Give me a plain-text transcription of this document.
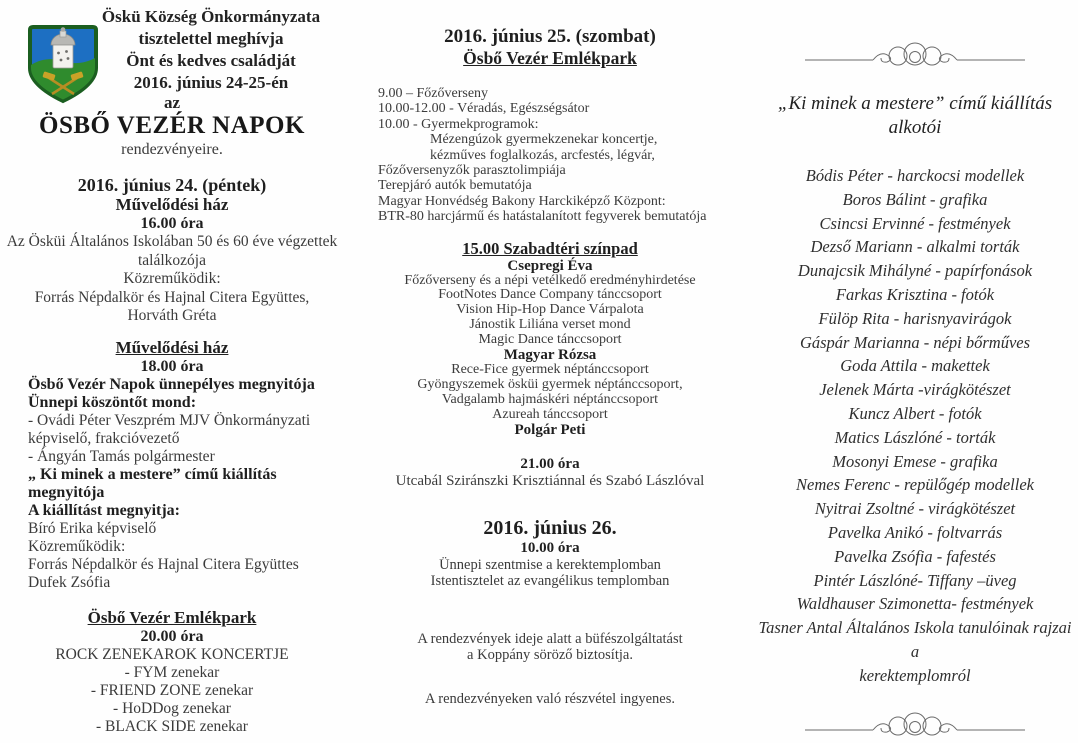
Öskü Község Önkormányzata
tisztelettel meghívja
Önt és kedves családját
2016. június 24-25-én
az
ÖSBŐ VEZÉR NAPOK
rendezvényeire.
2016. június 24. (péntek)
Művelődési ház
16.00 óra
Az Ösküi Általános Iskolában 50 és 60 éve végzettek
találkozója
Közreműködik:
Forrás Népdalkör és Hajnal Citera Együttes,
Horváth Gréta
Művelődési ház
18.00 óra
Ösbő Vezér Napok ünnepélyes megnyitója
Ünnepi köszöntőt mond:
- Ovádi Péter Veszprém MJV Önkormányzati
képviselő, frakcióvezető
- Ángyán Tamás polgármester
„ Ki minek a mestere” című kiállítás
megnyitója
A kiállítást megnyitja:
Bíró Erika képviselő
Közreműködik:
Forrás Népdalkör és Hajnal Citera Együttes
Dufek Zsófia
Ösbő Vezér Emlékpark
20.00 óra
ROCK ZENEKAROK KONCERTJE
- FYM zenekar
- FRIEND ZONE zenekar
- HoDDog zenekar
- BLACK SIDE zenekar
2016. június 25. (szombat)
Ösbő Vezér Emlékpark
9.00 – Főzőverseny
10.00-12.00 - Véradás, Egészségsátor
10.00 - Gyermekprogramok:
Mézengúzok gyermekzenekar koncertje,
kézműves foglalkozás, arcfestés, légvár,
Főzőversenyzők parasztolimpiája
Terepjáró autók bemutatója
Magyar Honvédség Bakony Harckiképző Központ:
BTR-80 harcjármű és hatástalanított fegyverek bemutatója
15.00 Szabadtéri színpad
Csepregi Éva
Főzőverseny és a népi vetélkedő eredményhirdetése
FootNotes Dance Company tánccsoport
Vision Hip-Hop Dance Várpalota
Jánostik Liliána verset mond
Magic Dance tánccsoport
Magyar Rózsa
Rece-Fice gyermek néptánccsoport
Gyöngyszemek ösküi gyermek néptánccsoport,
Vadgalamb hajmáskéri néptánccsoport
Azureah tánccsoport
Polgár Peti
21.00 óra
Utcabál Sziránszki Krisztiánnal és Szabó Lászlóval
2016. június 26.
10.00 óra
Ünnepi szentmise a kerektemplomban
Istentisztelet az evangélikus templomban
A rendezvények ideje alatt a büfészolgáltatást
a Koppány söröző biztosítja.
A rendezvényeken való részvétel ingyenes.
„Ki minek a mestere” című kiállítás alkotói
Bódis Péter - harckocsi modellek
Boros Bálint - grafika
Csincsi Ervinné - festmények
Dezső Mariann - alkalmi torták
Dunajcsik Mihályné - papírfonások
Farkas Krisztina - fotók
Fülöp Rita - harisnyavirágok
Gáspár Marianna - népi bőrműves
Goda Attila - makettek
Jelenek Márta -virágkötészet
Kuncz Albert - fotók
Matics Lászlóné - torták
Mosonyi Emese - grafika
Nemes Ferenc - repülőgép modellek
Nyitrai Zsoltné - virágkötészet
Pavelka Anikó - foltvarrás
Pavelka Zsófia - fafestés
Pintér Lászlóné- Tiffany –üveg
Waldhauser Szimonetta- festmények
Tasner Antal Általános Iskola tanulóinak rajzai a
kerektemplomról
